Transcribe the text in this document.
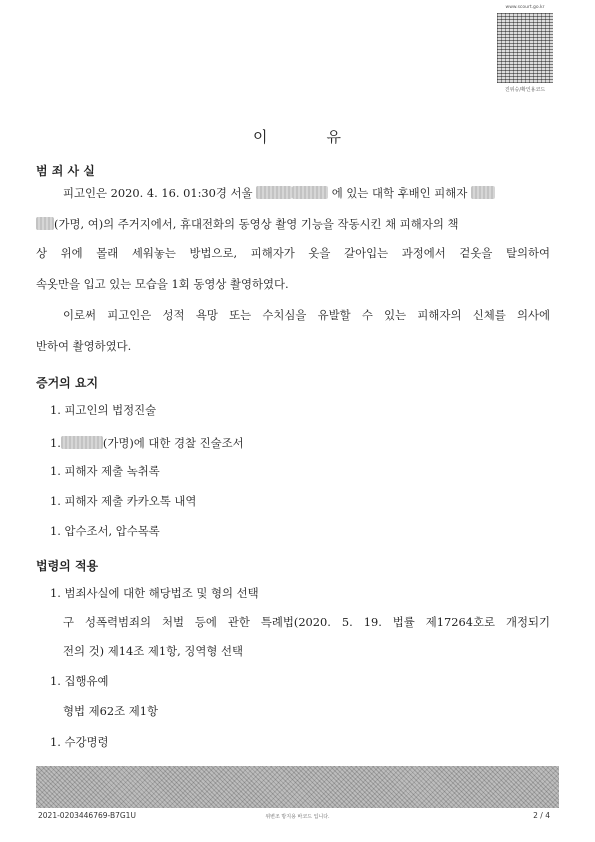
www.scourt.go.kr
진위승/확인용코드
이	유
범 죄 사 실
피고인은 2020. 4. 16. 01:30경 서울	에 있는 대학 후배인 피해자
(가명, 여)의 주거지에서, 휴대전화의 동영상 촬영 기능을 작동시킨 채 피해자의 책
상 위에 몰래 세워놓는 방법으로, 피해자가 옷을 갈아입는 과정에서 겉옷을 탈의하여
속옷만을 입고 있는 모습을 1회 동영상 촬영하였다.
이로써 피고인은 성적 욕망 또는 수치심을 유발할 수 있는 피해자의 신체를 의사에
반하여 촬영하였다.
증거의 요지
1. 피고인의 법정진술
1.	(가명)에 대한 경찰 진술조서
1. 피해자 제출 녹취록
1. 피해자 제출 카카오톡 내역
1. 압수조서, 압수목록
법령의 적용
1. 범죄사실에 대한 해당법조 및 형의 선택
구 성폭력범죄의 처벌 등에 관한 특례법(2020. 5. 19. 법률 제17264호로 개정되기
전의 것) 제14조 제1항, 징역형 선택
1. 집행유예
형법 제62조 제1항
1. 수강명령
2021-0203446769-B7G1U	위변조 방지용 바코드 입니다.	2 / 4
